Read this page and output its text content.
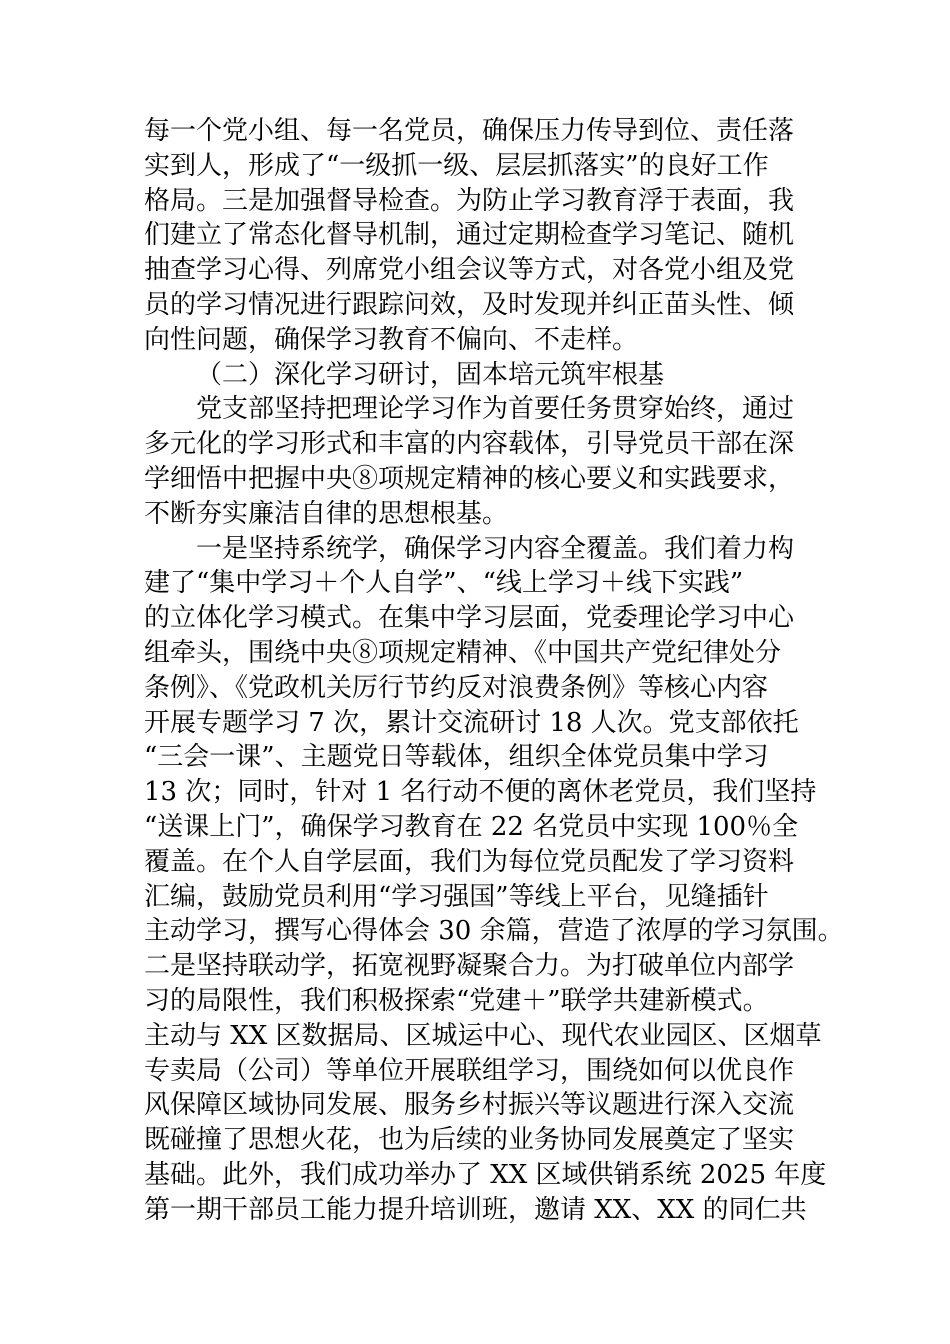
每一个党小组、每一名党员，确保压力传导到位、责任落
实到人，形成了“一级抓一级、层层抓落实”的良好工作
格局。三是加强督导检查。为防止学习教育浮于表面，我
们建立了常态化督导机制，通过定期检查学习笔记、随机
抽查学习心得、列席党小组会议等方式，对各党小组及党
员的学习情况进行跟踪问效，及时发现并纠正苗头性、倾
向性问题，确保学习教育不偏向、不走样。
（二）深化学习研讨，固本培元筑牢根基
党支部坚持把理论学习作为首要任务贯穿始终，通过
多元化的学习形式和丰富的内容载体，引导党员干部在深
学细悟中把握中央⑧项规定精神的核心要义和实践要求，
不断夯实廉洁自律的思想根基。
一是坚持系统学，确保学习内容全覆盖。我们着力构
建了“集中学习＋个人自学”、“线上学习＋线下实践”
的立体化学习模式。在集中学习层面，党委理论学习中心
组牵头，围绕中央⑧项规定精神、《中国共产党纪律处分
条例》、《党政机关厉行节约反对浪费条例》等核心内容
开展专题学习 7 次，累计交流研讨 18 人次。党支部依托
“三会一课”、主题党日等载体，组织全体党员集中学习
13 次；同时，针对 1 名行动不便的离休老党员，我们坚持
“送课上门”，确保学习教育在 22 名党员中实现 100％全
覆盖。在个人自学层面，我们为每位党员配发了学习资料
汇编，鼓励党员利用“学习强国”等线上平台，见缝插针
主动学习，撰写心得体会 30 余篇，营造了浓厚的学习氛围。
二是坚持联动学，拓宽视野凝聚合力。为打破单位内部学
习的局限性，我们积极探索“党建＋”联学共建新模式。
主动与 XX 区数据局、区城运中心、现代农业园区、区烟草
专卖局（公司）等单位开展联组学习，围绕如何以优良作
风保障区域协同发展、服务乡村振兴等议题进行深入交流
既碰撞了思想火花，也为后续的业务协同发展奠定了坚实
基础。此外，我们成功举办了 XX 区域供销系统 2025 年度
第一期干部员工能力提升培训班，邀请 XX、XX 的同仁共
